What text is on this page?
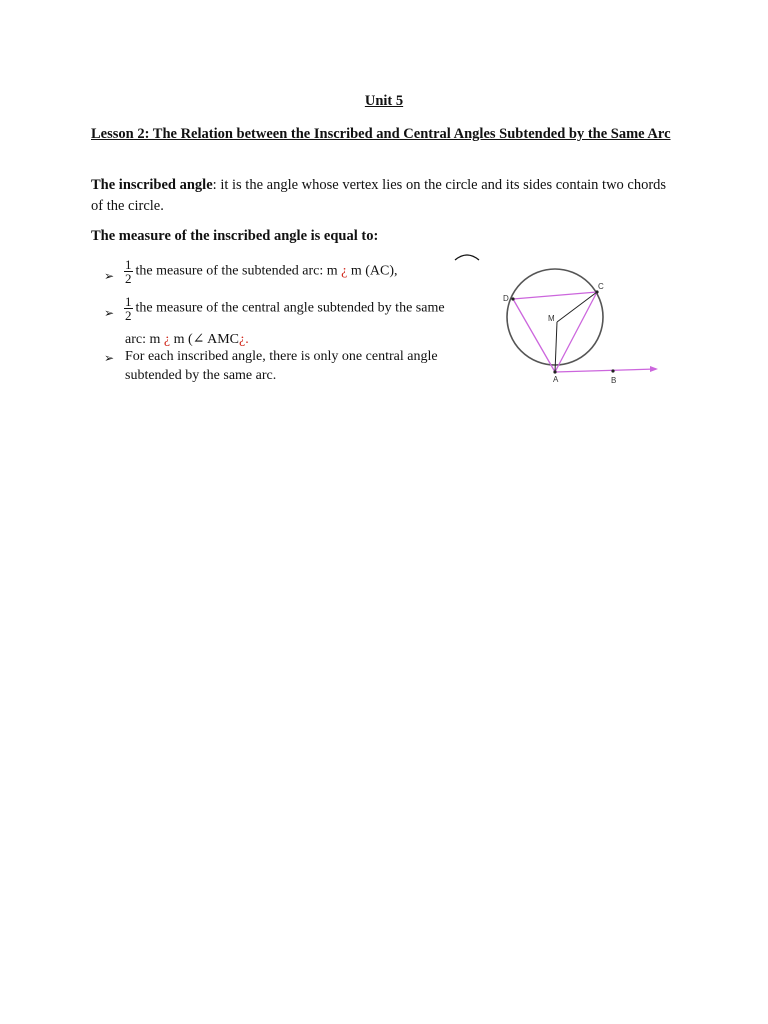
Unit 5
Lesson 2: The Relation between the Inscribed and Central Angles Subtended by the Same Arc
The inscribed angle: it is the angle whose vertex lies on the circle and its sides contain two chords of the circle.
The measure of the inscribed angle is equal to:
➢ $\frac{1}{2}$ the measure of the subtended arc: m ¿ m (AC),
➢ $\frac{1}{2}$ the measure of the central angle subtended by the same
arc: m ¿ m (∠ AMC¿.
➢ For each inscribed angle, there is only one central angle
subtended by the same arc.
D
C
M
A	B
